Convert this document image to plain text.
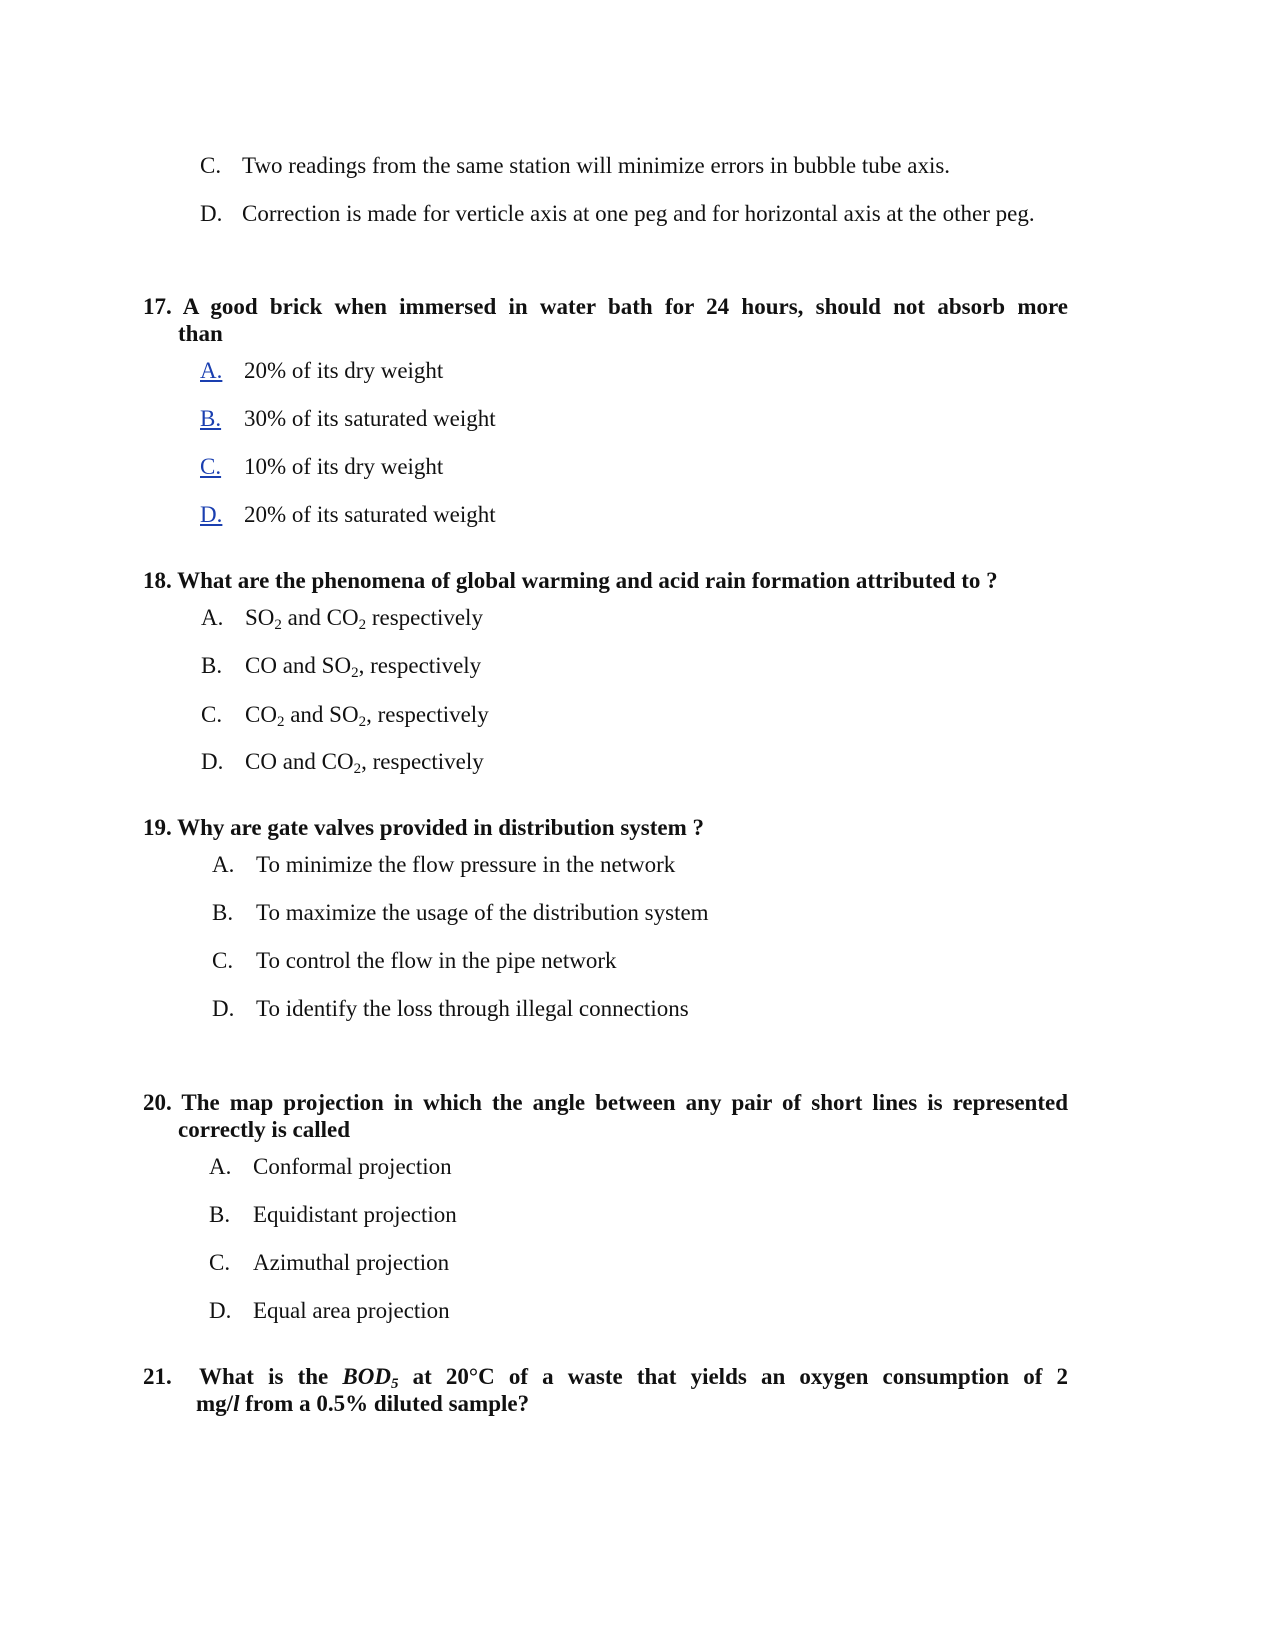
C. Two readings from the same station will minimize errors in bubble tube axis.
D. Correction is made for verticle axis at one peg and for horizontal axis at the other peg.
17. A good brick when immersed in water bath for 24 hours, should not absorb more
than
A. 20% of its dry weight
B. 30% of its saturated weight
C. 10% of its dry weight
D. 20% of its saturated weight
18. What are the phenomena of global warming and acid rain formation attributed to ?
A. $SO_2$ and $CO_2$ respectively
B. CO and $SO_2$, respectively
C. $CO_2$ and $SO_2$, respectively
D. CO and $CO_2$, respectively
19. Why are gate valves provided in distribution system ?
A. To minimize the flow pressure in the network
B. To maximize the usage of the distribution system
C. To control the flow in the pipe network
D. To identify the loss through illegal connections
20. The map projection in which the angle between any pair of short lines is represented
correctly is called
A. Conformal projection
B. Equidistant projection
C. Azimuthal projection
D. Equal area projection
21. What is the $BOD_5$ at 20°C of a waste that yields an oxygen consumption of 2
mg/l from a 0.5% diluted sample?
